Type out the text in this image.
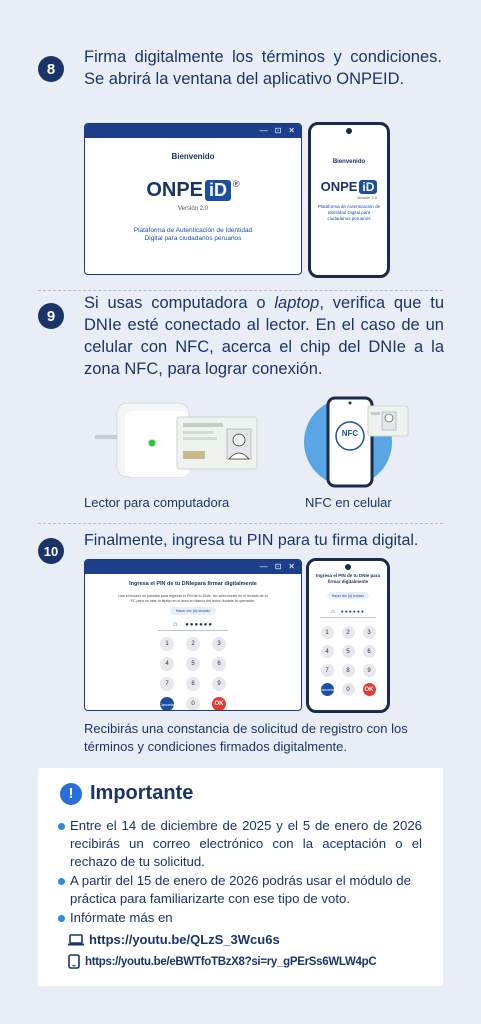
8
Firma digitalmente los términos y condiciones. Se abrirá la ventana del aplicativo ONPEID.
— ⊡ ✕
Bienvenido
ONPE iD ®
Versión 2.0
Plataforma de Autenticación de Identidad
Digital para ciudadanos peruanos
Bienvenido
ONPE iD
Versión 2.0
Plataforma de Autenticación de Identidad Digital para ciudadanos peruanos
9
Si usas computadora o laptop, verifica que tu DNIe esté conectado al lector. En el caso de un celular con NFC, acerca el chip del DNIe a la zona NFC, para lograr conexión.
NFC
Lector para computadora	NFC en celular
10
Finalmente, ingresa tu PIN para tu firma digital.
— ⊡ ✕
Ingresa el PIN de tu DNIepara firmar digitalmente
Usa el teclado en pantalla para ingresar el PIN de tu DNIe. No selecciones en el teclado de tu PC para no usar tu laptop en el área en blanco del lector durante la operación.
Hacer clic (A) teclado
⌂ ●●●●●●
1	2	3
4	5	6
7	8	9
Cancelar	0	OK
Ingresa el PIN de tu DNIe para firmar digitalmente
Hacer clic (A) teclado
⌂ ●●●●●●
1	2	3
4	5	6
7	8	9
Cancelar	0	OK
Recibirás una constancia de solicitud de registro con los términos y condiciones firmados digitalmente.
! Importante
Entre el 14 de diciembre de 2025 y el 5 de enero de 2026 recibirás un correo electrónico con la aceptación o el rechazo de tu solicitud.
A partir del 15 de enero de 2026 podrás usar el módulo de práctica para familiarizarte con ese tipo de voto.
Infórmate más en
https://youtu.be/QLzS_3Wcu6s
https://youtu.be/eBWTfoTBzX8?si=ry_gPErSs6WLW4pC
